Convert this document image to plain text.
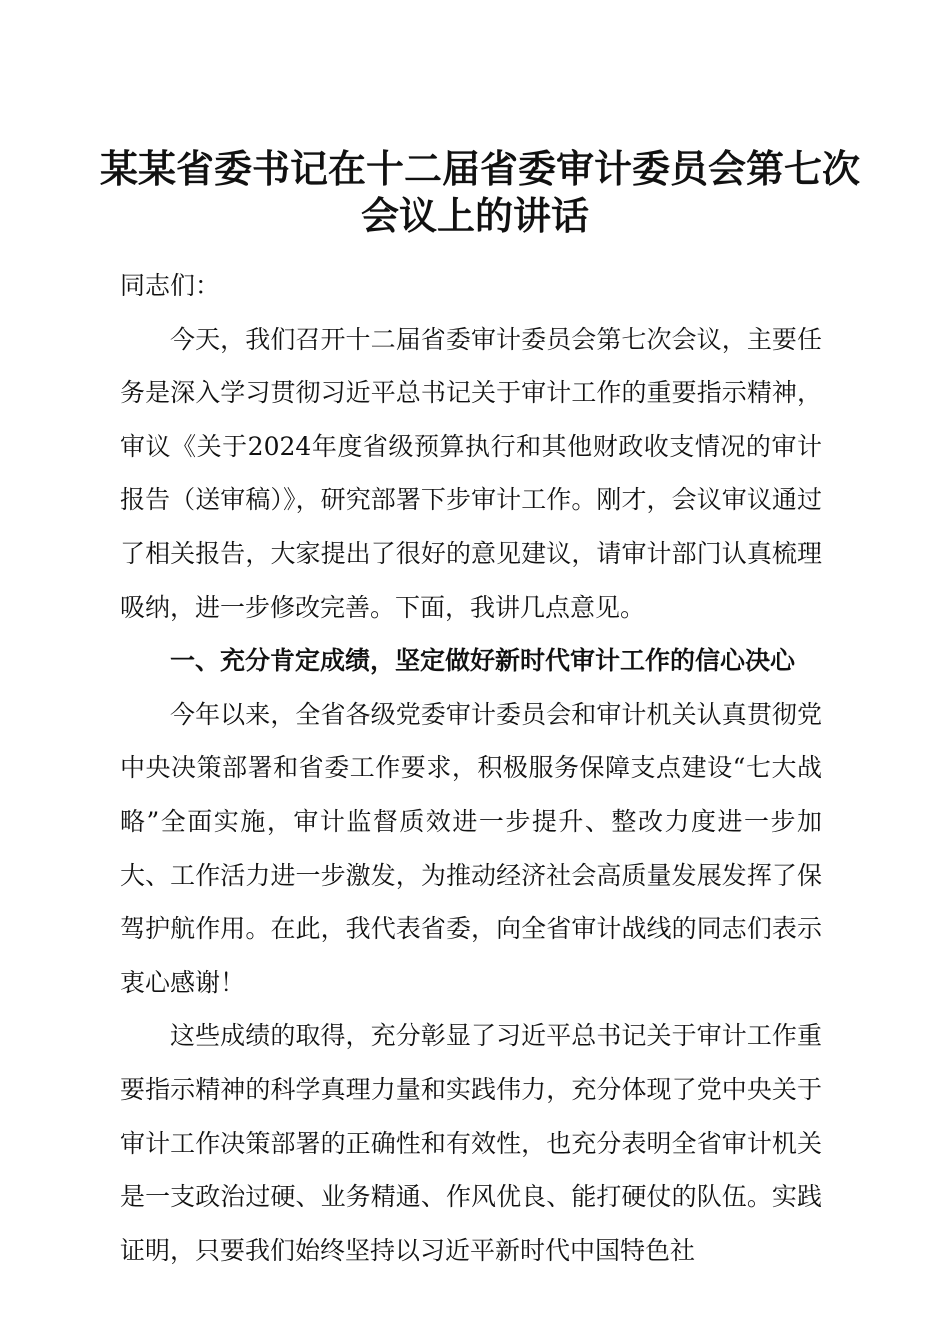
某某省委书记在十二届省委审计委员会第七次
会议上的讲话

同志们：

今天，我们召开十二届省委审计委员会第七次会议，主要任务是深入学习贯彻习近平总书记关于审计工作的重要指示精神，审议《关于2024年度省级预算执行和其他财政收支情况的审计报告（送审稿）》，研究部署下步审计工作。刚才，会议审议通过了相关报告，大家提出了很好的意见建议，请审计部门认真梳理吸纳，进一步修改完善。下面，我讲几点意见。

一、充分肯定成绩，坚定做好新时代审计工作的信心决心

今年以来，全省各级党委审计委员会和审计机关认真贯彻党中央决策部署和省委工作要求，积极服务保障支点建设“七大战略”全面实施，审计监督质效进一步提升、整改力度进一步加大、工作活力进一步激发，为推动经济社会高质量发展发挥了保驾护航作用。在此，我代表省委，向全省审计战线的同志们表示衷心感谢！

这些成绩的取得，充分彰显了习近平总书记关于审计工作重要指示精神的科学真理力量和实践伟力，充分体现了党中央关于审计工作决策部署的正确性和有效性，也充分表明全省审计机关是一支政治过硬、业务精通、作风优良、能打硬仗的队伍。实践证明，只要我们始终坚持以习近平新时代中国特色社
